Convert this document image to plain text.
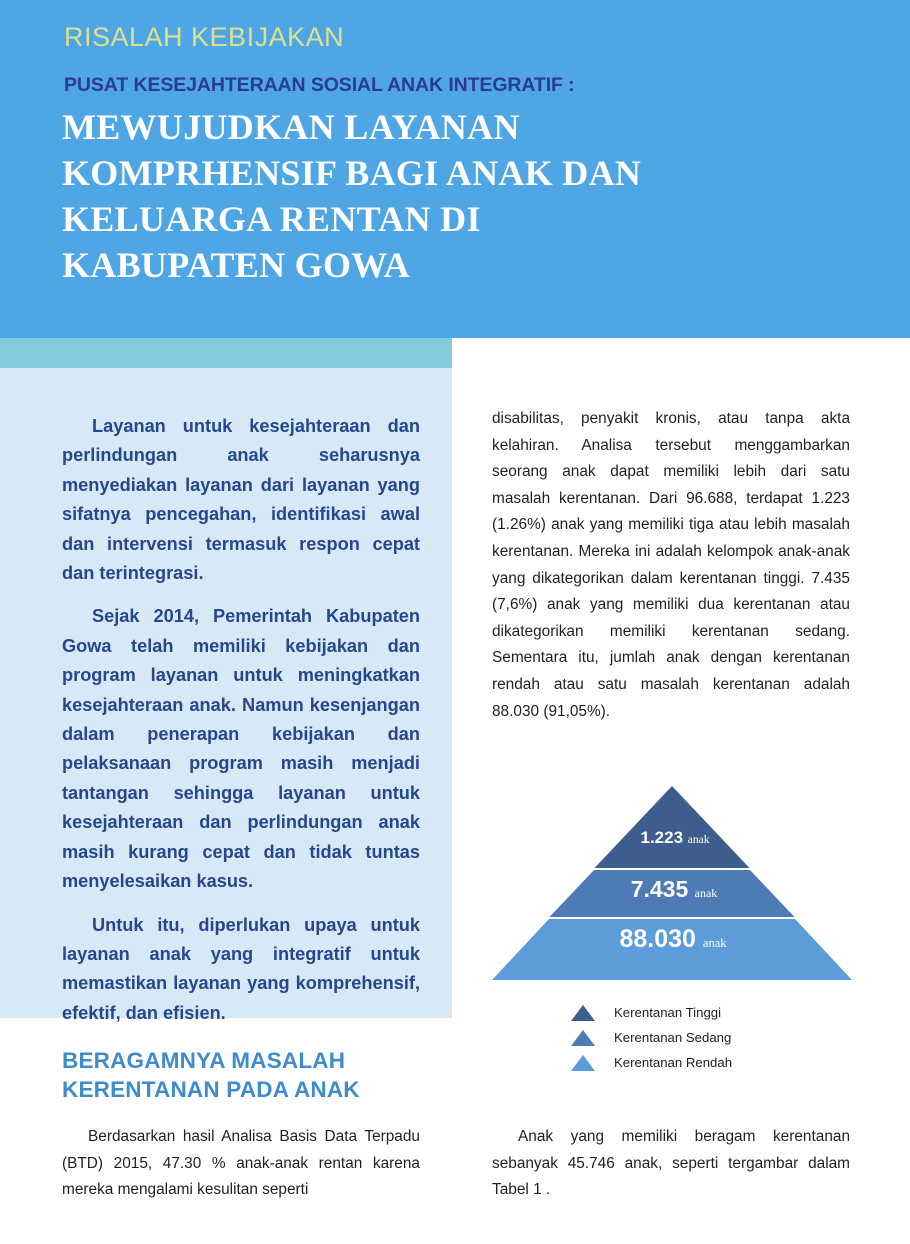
RISALAH KEBIJAKAN
PUSAT KESEJAHTERAAN SOSIAL ANAK INTEGRATIF :
MEWUJUDKAN LAYANAN
KOMPRHENSIF BAGI ANAK DAN
KELUARGA RENTAN DI
KABUPATEN GOWA

Layanan untuk kesejahteraan dan perlindungan anak seharusnya menyediakan layanan dari layanan yang sifatnya pencegahan, identifikasi awal dan intervensi termasuk respon cepat dan terintegrasi.

Sejak 2014, Pemerintah Kabupaten Gowa telah memiliki kebijakan dan program layanan untuk meningkatkan kesejahteraan anak. Namun kesenjangan dalam penerapan kebijakan dan pelaksanaan program masih menjadi tantangan sehingga layanan untuk kesejahteraan dan perlindungan anak masih kurang cepat dan tidak tuntas menyelesaikan kasus.

Untuk itu, diperlukan upaya untuk layanan anak yang integratif untuk memastikan layanan yang komprehensif, efektif, dan efisien.

BERAGAMNYA MASALAH
KERENTANAN PADA ANAK

Berdasarkan hasil Analisa Basis Data Terpadu (BTD) 2015, 47.30 % anak-anak rentan karena mereka mengalami kesulitan seperti

disabilitas, penyakit kronis, atau tanpa akta kelahiran. Analisa tersebut menggambarkan seorang anak dapat memiliki lebih dari satu masalah kerentanan. Dari 96.688, terdapat 1.223 (1.26%) anak yang memiliki tiga atau lebih masalah kerentanan. Mereka ini adalah kelompok anak-anak yang dikategorikan dalam kerentanan tinggi. 7.435 (7,6%) anak yang memiliki dua kerentanan atau dikategorikan memiliki kerentanan sedang. Sementara itu, jumlah anak dengan kerentanan rendah atau satu masalah kerentanan adalah 88.030 (91,05%).

1.223 anak
7.435 anak
88.030 anak
Kerentanan Tinggi
Kerentanan Sedang
Kerentanan Rendah

Anak yang memiliki beragam kerentanan sebanyak 45.746 anak, seperti tergambar dalam Tabel 1 .
